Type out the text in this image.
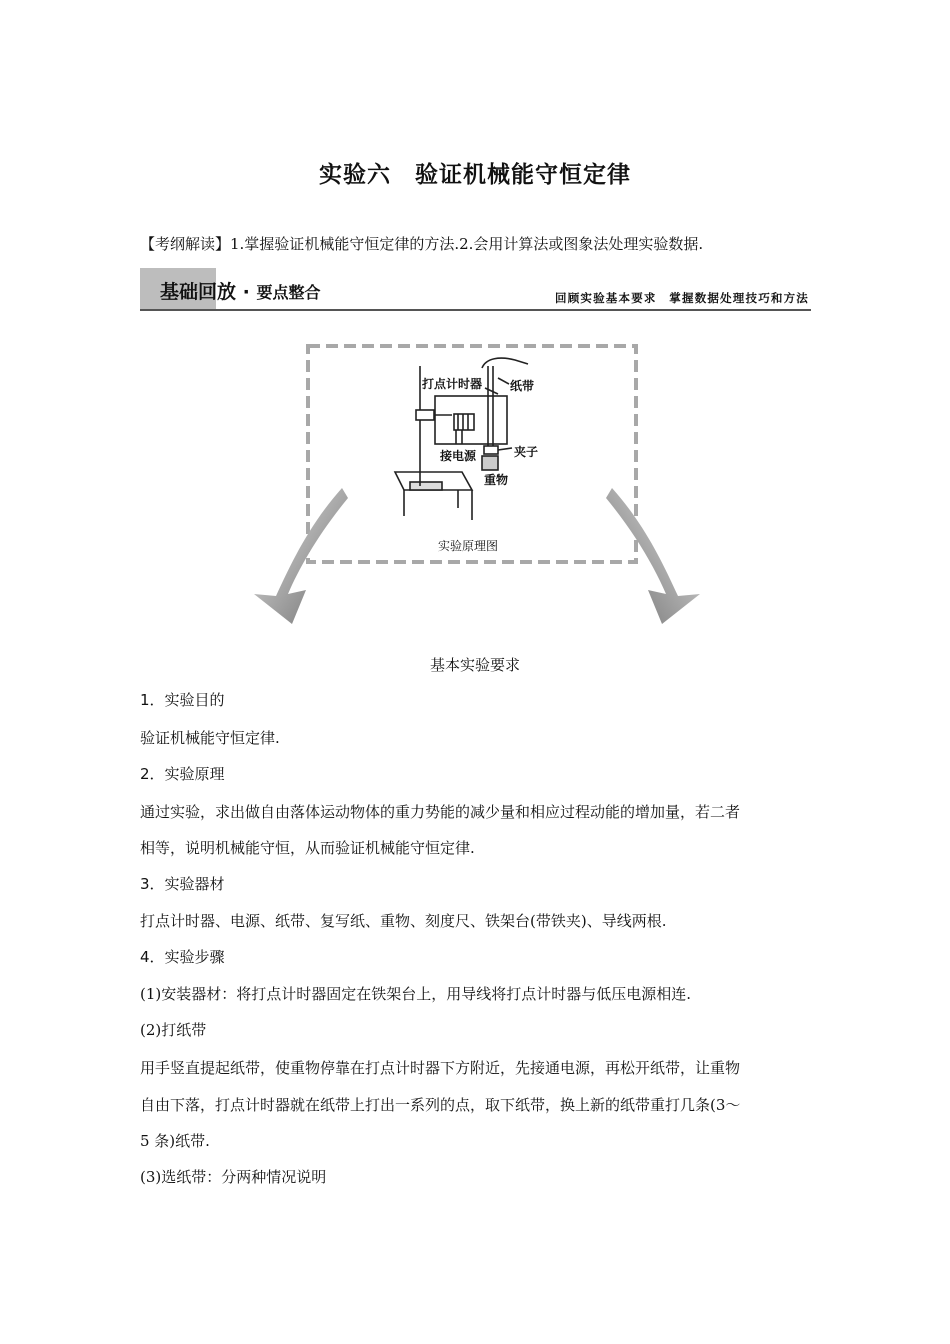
实验六　验证机械能守恒定律
【考纲解读】1.掌握验证机械能守恒定律的方法.2.会用计算法或图象法处理实验数据.
基础回放 · 要点整合	回顾实验基本要求　掌握数据处理技巧和方法
打点计时器 纸带
夹子
接电源
重物
实验原理图
基本实验要求
1．实验目的
验证机械能守恒定律.
2．实验原理
通过实验，求出做自由落体运动物体的重力势能的减少量和相应过程动能的增加量，若二者
相等，说明机械能守恒，从而验证机械能守恒定律.
3．实验器材
打点计时器、电源、纸带、复写纸、重物、刻度尺、铁架台(带铁夹)、导线两根.
4．实验步骤
(1)安装器材：将打点计时器固定在铁架台上，用导线将打点计时器与低压电源相连.
(2)打纸带
用手竖直提起纸带，使重物停靠在打点计时器下方附近，先接通电源，再松开纸带，让重物
自由下落，打点计时器就在纸带上打出一系列的点，取下纸带，换上新的纸带重打几条(3～
5 条)纸带.
(3)选纸带：分两种情况说明
